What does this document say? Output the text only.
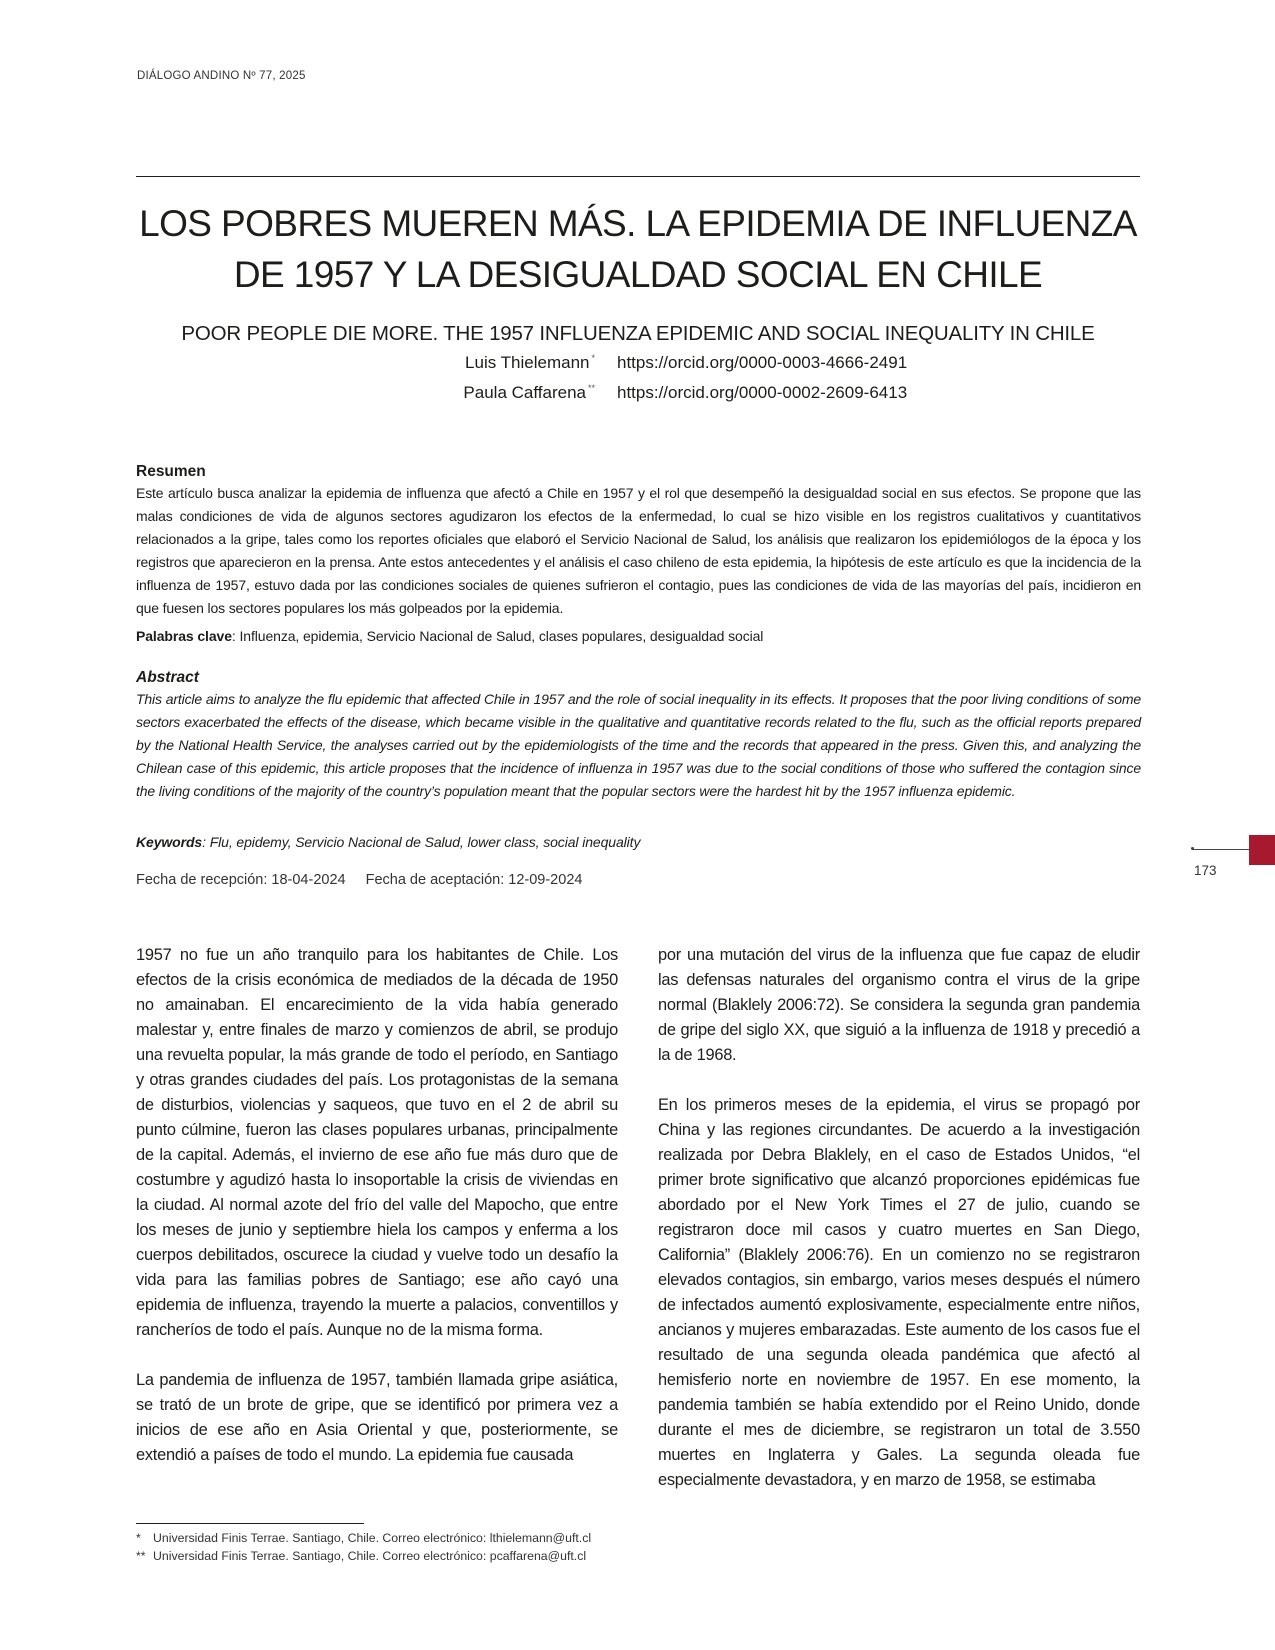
DIÁLOGO ANDINO Nº 77, 2025
LOS POBRES MUEREN MÁS. LA EPIDEMIA DE INFLUENZA
DE 1957 Y LA DESIGUALDAD SOCIAL EN CHILE
POOR PEOPLE DIE MORE. THE 1957 INFLUENZA EPIDEMIC AND SOCIAL INEQUALITY IN CHILE
Luis Thielemann * https://orcid.org/0000-0003-4666-2491
Paula Caffarena ** https://orcid.org/0000-0002-2609-6413
Resumen
Este artículo busca analizar la epidemia de influenza que afectó a Chile en 1957 y el rol que desempeñó la desigualdad social en sus efectos. Se propone que las malas condiciones de vida de algunos sectores agudizaron los efectos de la enfermedad, lo cual se hizo visible en los registros cualitativos y cuantitativos relacionados a la gripe, tales como los reportes oficiales que elaboró el Servicio Nacional de Salud, los análisis que realizaron los epidemiólogos de la época y los registros que aparecieron en la prensa. Ante estos antecedentes y el análisis el caso chileno de esta epidemia, la hipótesis de este artículo es que la incidencia de la influenza de 1957, estuvo dada por las condiciones sociales de quienes sufrieron el contagio, pues las condiciones de vida de las mayorías del país, incidieron en que fuesen los sectores populares los más golpeados por la epidemia.
Palabras clave: Influenza, epidemia, Servicio Nacional de Salud, clases populares, desigualdad social
Abstract
This article aims to analyze the flu epidemic that affected Chile in 1957 and the role of social inequality in its effects. It proposes that the poor living conditions of some sectors exacerbated the effects of the disease, which became visible in the qualitative and quantitative records related to the flu, such as the official reports prepared by the National Health Service, the analyses carried out by the epidemiologists of the time and the records that appeared in the press. Given this, and analyzing the Chilean case of this epidemic, this article proposes that the incidence of influenza in 1957 was due to the social conditions of those who suffered the contagion since the living conditions of the majority of the country’s population meant that the popular sectors were the hardest hit by the 1957 influenza epidemic.
Keywords: Flu, epidemy, Servicio Nacional de Salud, lower class, social inequality
Fecha de recepción: 18-04-2024 Fecha de aceptación: 12-09-2024
173

1957 no fue un año tranquilo para los habitantes de Chile. Los efectos de la crisis económica de mediados de la década de 1950 no amainaban. El encarecimiento de la vida había generado malestar y, entre finales de marzo y comienzos de abril, se produjo una revuelta popular, la más grande de todo el período, en Santiago y otras grandes ciudades del país. Los protagonistas de la semana de disturbios, violencias y saqueos, que tuvo en el 2 de abril su punto cúlmine, fueron las clases populares urbanas, principalmente de la capital. Además, el invierno de ese año fue más duro que de costumbre y agudizó hasta lo insoportable la crisis de viviendas en la ciudad. Al normal azote del frío del valle del Mapocho, que entre los meses de junio y septiembre hiela los campos y enferma a los cuerpos debilitados, oscurece la ciudad y vuelve todo un desafío la vida para las familias pobres de Santiago; ese año cayó una epidemia de influenza, trayendo la muerte a palacios, conventillos y rancheríos de todo el país. Aunque no de la misma forma.

La pandemia de influenza de 1957, también llamada gripe asiática, se trató de un brote de gripe, que se identificó por primera vez a inicios de ese año en Asia Oriental y que, posteriormente, se extendió a países de todo el mundo. La epidemia fue causada

por una mutación del virus de la influenza que fue capaz de eludir las defensas naturales del organismo contra el virus de la gripe normal (Blaklely 2006:72). Se considera la segunda gran pandemia de gripe del siglo XX, que siguió a la influenza de 1918 y precedió a la de 1968.

En los primeros meses de la epidemia, el virus se propagó por China y las regiones circundantes. De acuerdo a la investigación realizada por Debra Blaklely, en el caso de Estados Unidos, “el primer brote significativo que alcanzó proporciones epidémicas fue abordado por el New York Times el 27 de julio, cuando se registraron doce mil casos y cuatro muertes en San Diego, California” (Blaklely 2006:76). En un comienzo no se registraron elevados contagios, sin embargo, varios meses después el número de infectados aumentó explosivamente, especialmente entre niños, ancianos y mujeres embarazadas. Este aumento de los casos fue el resultado de una segunda oleada pandémica que afectó al hemisferio norte en noviembre de 1957. En ese momento, la pandemia también se había extendido por el Reino Unido, donde durante el mes de diciembre, se registraron un total de 3.550 muertes en Inglaterra y Gales. La segunda oleada fue especialmente devastadora, y en marzo de 1958, se estimaba

* Universidad Finis Terrae. Santiago, Chile. Correo electrónico: lthielemann@uft.cl
** Universidad Finis Terrae. Santiago, Chile. Correo electrónico: pcaffarena@uft.cl
